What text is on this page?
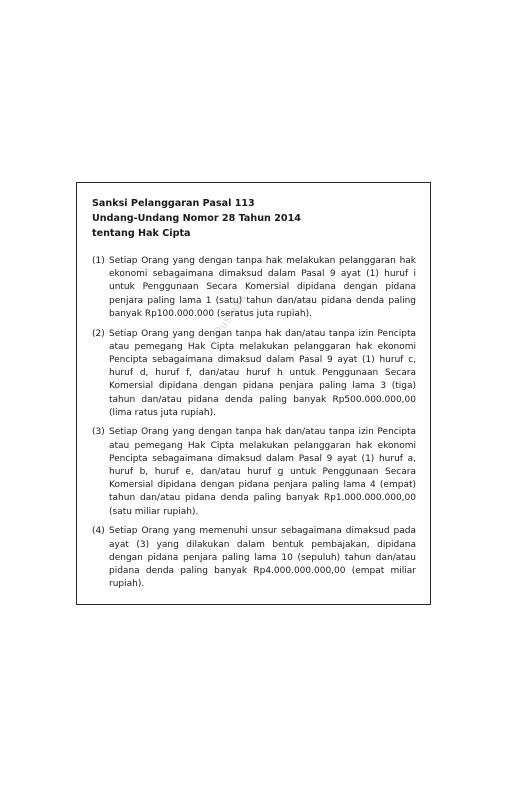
Pustaka
Sanksi Pelanggaran Pasal 113
Undang-Undang Nomor 28 Tahun 2014
tentang Hak Cipta
(1) Setiap Orang yang dengan tanpa hak melakukan pelanggaran hak ekonomi sebagaimana dimaksud dalam Pasal 9 ayat (1) huruf i untuk Penggunaan Secara Komersial dipidana dengan pidana penjara paling lama 1 (satu) tahun dan/atau pidana denda paling banyak Rp100.000.000 (seratus juta rupiah).
(2) Setiap Orang yang dengan tanpa hak dan/atau tanpa izin Pencipta atau pemegang Hak Cipta melakukan pelanggaran hak ekonomi Pencipta sebagaimana dimaksud dalam Pasal 9 ayat (1) huruf c, huruf d, huruf f, dan/atau huruf h untuk Penggunaan Secara Komersial dipidana dengan pidana penjara paling lama 3 (tiga) tahun dan/atau pidana denda paling banyak Rp500.000.000,00 (lima ratus juta rupiah).
(3) Setiap Orang yang dengan tanpa hak dan/atau tanpa izin Pencipta atau pemegang Hak Cipta melakukan pelanggaran hak ekonomi Pencipta sebagaimana dimaksud dalam Pasal 9 ayat (1) huruf a, huruf b, huruf e, dan/atau huruf g untuk Penggunaan Secara Komersial dipidana dengan pidana penjara paling lama 4 (empat) tahun dan/atau pidana denda paling banyak Rp1.000.000.000,00 (satu miliar rupiah).
(4) Setiap Orang yang memenuhi unsur sebagaimana dimaksud pada ayat (3) yang dilakukan dalam bentuk pembajakan, dipidana dengan pidana penjara paling lama 10 (sepuluh) tahun dan/atau pidana denda paling banyak Rp4.000.000.000,00 (empat miliar rupiah).
